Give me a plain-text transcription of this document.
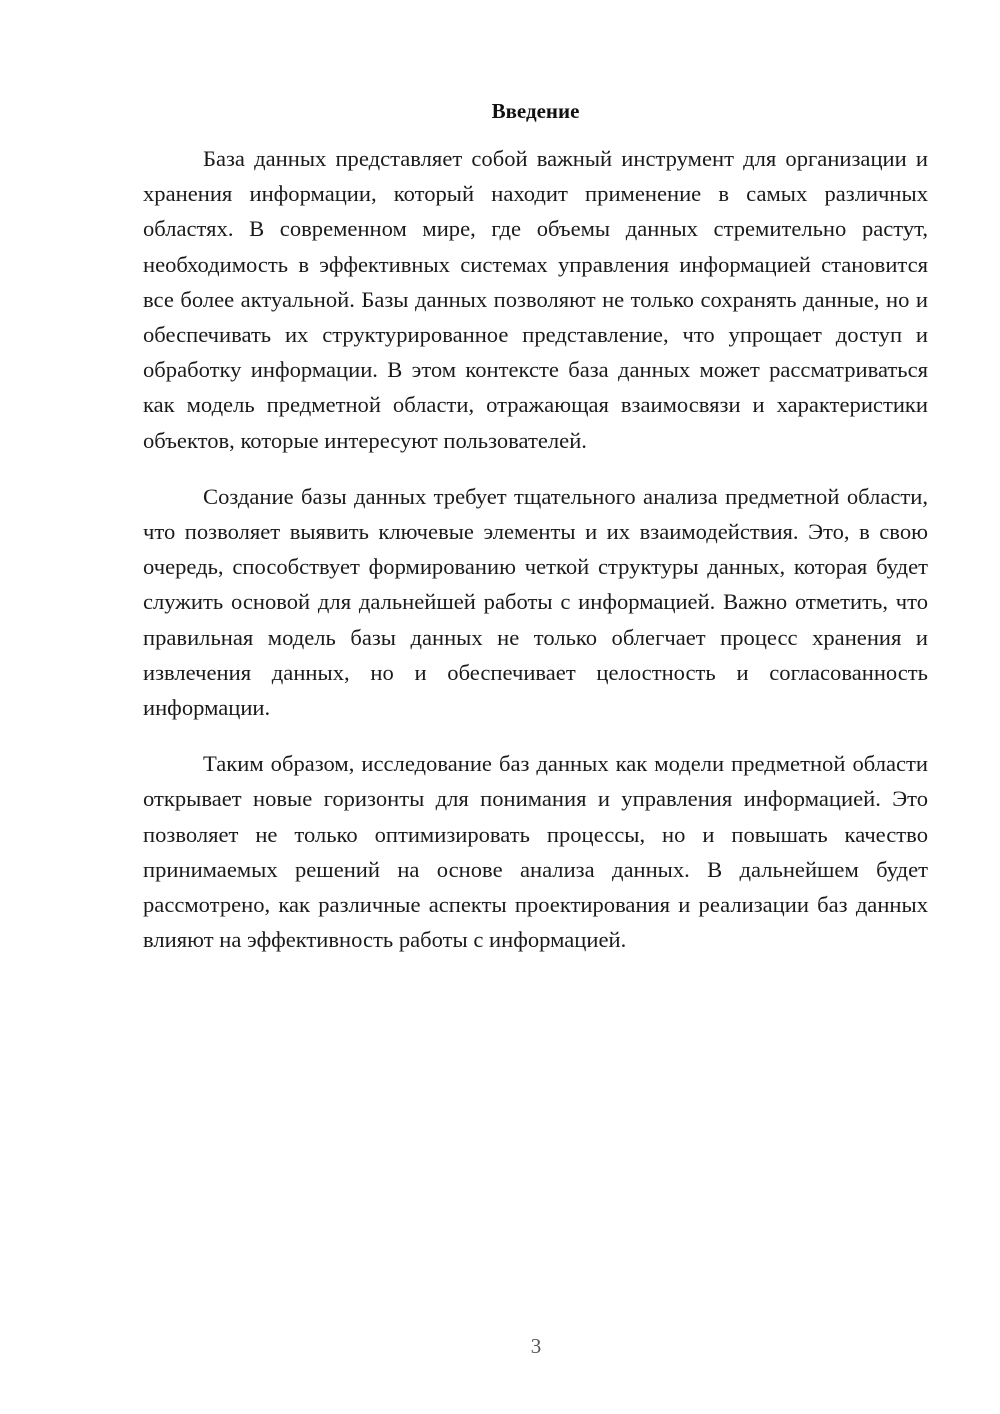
Введение

База данных представляет собой важный инструмент для организации и хранения информации, который находит применение в самых различных областях. В современном мире, где объемы данных стремительно растут, необходимость в эффективных системах управления информацией становится все более актуальной. Базы данных позволяют не только сохранять данные, но и обеспечивать их структурированное представление, что упрощает доступ и обработку информации. В этом контексте база данных может рассматриваться как модель предметной области, отражающая взаимосвязи и характеристики объектов, которые интересуют пользователей.

Создание базы данных требует тщательного анализа предметной области, что позволяет выявить ключевые элементы и их взаимодействия. Это, в свою очередь, способствует формированию четкой структуры данных, которая будет служить основой для дальнейшей работы с информацией. Важно отметить, что правильная модель базы данных не только облегчает процесс хранения и извлечения данных, но и обеспечивает целостность и согласованность информации.

Таким образом, исследование баз данных как модели предметной области открывает новые горизонты для понимания и управления информацией. Это позволяет не только оптимизировать процессы, но и повышать качество принимаемых решений на основе анализа данных. В дальнейшем будет рассмотрено, как различные аспекты проектирования и реализации баз данных влияют на эффективность работы с информацией.

3
